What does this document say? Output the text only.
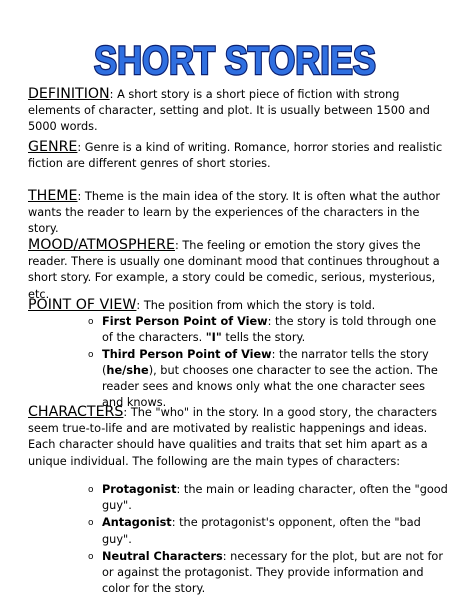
SHORT STORIES
DEFINITION: A short story is a short piece of fiction with strong elements of character, setting and plot. It is usually between 1500 and 5000 words.
GENRE: Genre is a kind of writing. Romance, horror stories and realistic fiction are different genres of short stories.
THEME: Theme is the main idea of the story. It is often what the author wants the reader to learn by the experiences of the characters in the story.
MOOD/ATMOSPHERE: The feeling or emotion the story gives the reader. There is usually one dominant mood that continues throughout a short story. For example, a story could be comedic, serious, mysterious, etc.
POINT OF VIEW: The position from which the story is told.
o First Person Point of View: the story is told through one of the characters. "I" tells the story.
o Third Person Point of View: the narrator tells the story (he/she), but chooses one character to see the action. The reader sees and knows only what the one character sees and knows.
CHARACTERS: The "who" in the story. In a good story, the characters seem true-to-life and are motivated by realistic happenings and ideas. Each character should have qualities and traits that set him apart as a unique individual. The following are the main types of characters:
o Protagonist: the main or leading character, often the "good guy".
o Antagonist: the protagonist's opponent, often the "bad guy".
o Neutral Characters: necessary for the plot, but are not for or against the protagonist. They provide information and color for the story.
